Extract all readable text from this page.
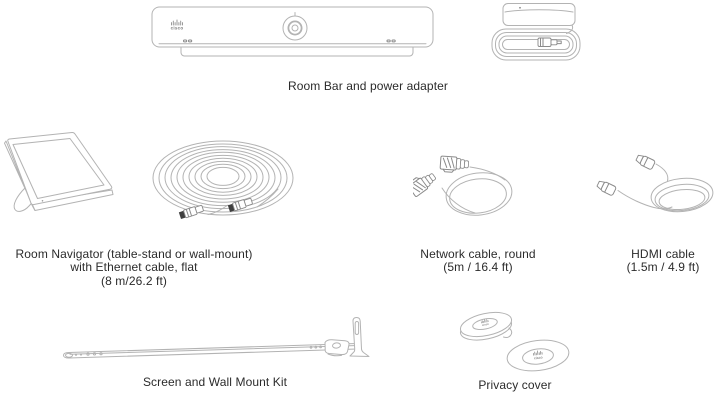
cisco
Room Bar and power adapter
Room Navigator (table-stand or wall-mount)
with Ethernet cable, flat
(8 m/26.2 ft)
Network cable, round
(5m / 16.4 ft)
HDMI cable
(1.5m / 4.9 ft)
Screen and Wall Mount Kit
cisco
cisco
Privacy cover
